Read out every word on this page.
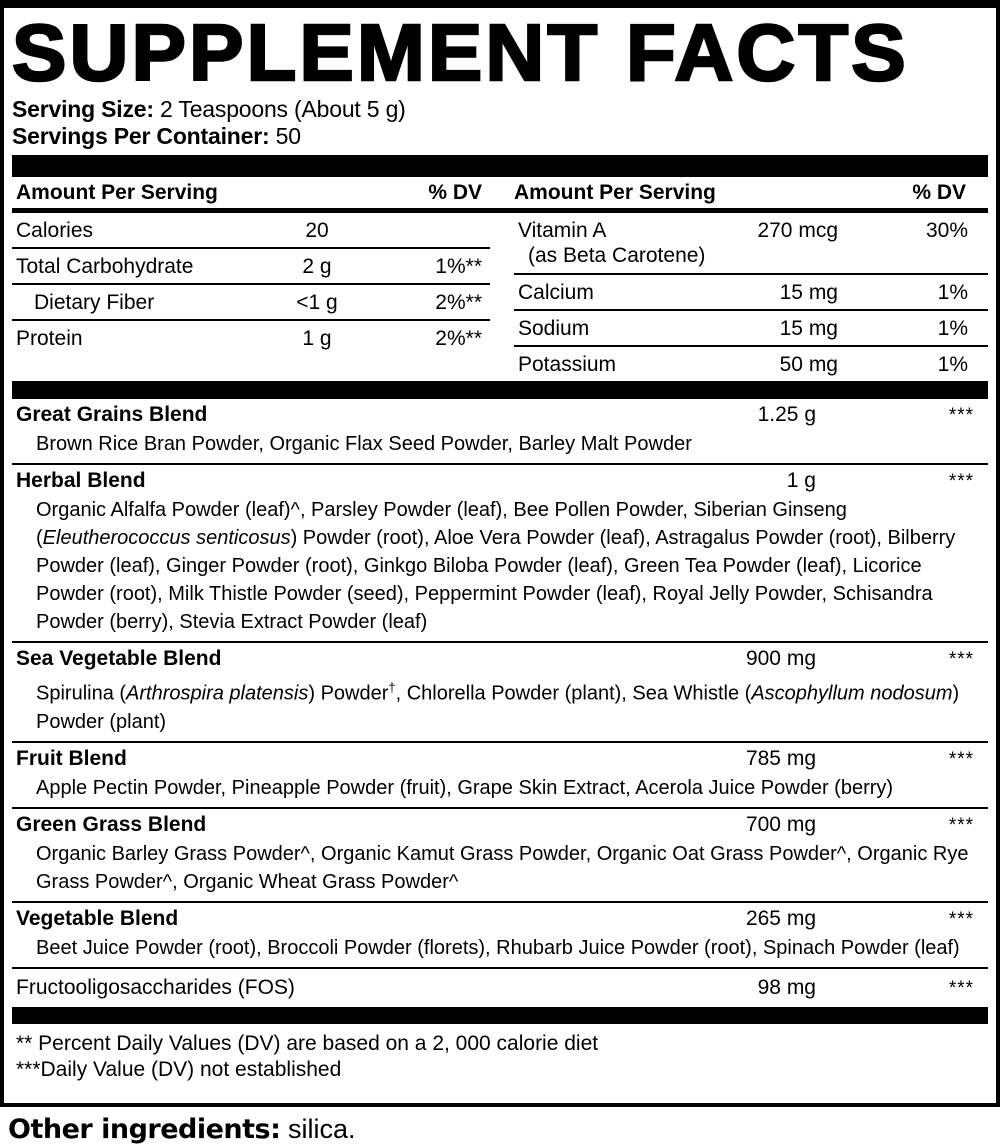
SUPPLEMENT FACTS
Serving Size: 2 Teaspoons (About 5 g)
Servings Per Container: 50
Amount Per Serving	% DV Amount Per Serving	% DV
Calories	20
Total Carbohydrate	2 g	1%**
Dietary Fiber	<1 g	2%**
Protein	1 g	2%**
Vitamin A	270 mcg	30%
(as Beta Carotene)
Calcium	15 mg	1%
Sodium	15 mg	1%
Potassium	50 mg	1%
Great Grains Blend	1.25 g	***
Brown Rice Bran Powder, Organic Flax Seed Powder, Barley Malt Powder
Herbal Blend	1 g	***
Organic Alfalfa Powder (leaf)^, Parsley Powder (leaf), Bee Pollen Powder, Siberian Ginseng (Eleutherococcus senticosus) Powder (root), Aloe Vera Powder (leaf), Astragalus Powder (root), Bilberry Powder (leaf), Ginger Powder (root), Ginkgo Biloba Powder (leaf), Green Tea Powder (leaf), Licorice Powder (root), Milk Thistle Powder (seed), Peppermint Powder (leaf), Royal Jelly Powder, Schisandra Powder (berry), Stevia Extract Powder (leaf)
Sea Vegetable Blend	900 mg	***
Spirulina (Arthrospira platensis) Powder†, Chlorella Powder (plant), Sea Whistle (Ascophyllum nodosum) Powder (plant)
Fruit Blend	785 mg	***
Apple Pectin Powder, Pineapple Powder (fruit), Grape Skin Extract, Acerola Juice Powder (berry)
Green Grass Blend	700 mg	***
Organic Barley Grass Powder^, Organic Kamut Grass Powder, Organic Oat Grass Powder^, Organic Rye Grass Powder^, Organic Wheat Grass Powder^
Vegetable Blend	265 mg	***
Beet Juice Powder (root), Broccoli Powder (florets), Rhubarb Juice Powder (root), Spinach Powder (leaf)
Fructooligosaccharides (FOS)	98 mg	***
** Percent Daily Values (DV) are based on a 2, 000 calorie diet
***Daily Value (DV) not established
Other ingredients: silica.
